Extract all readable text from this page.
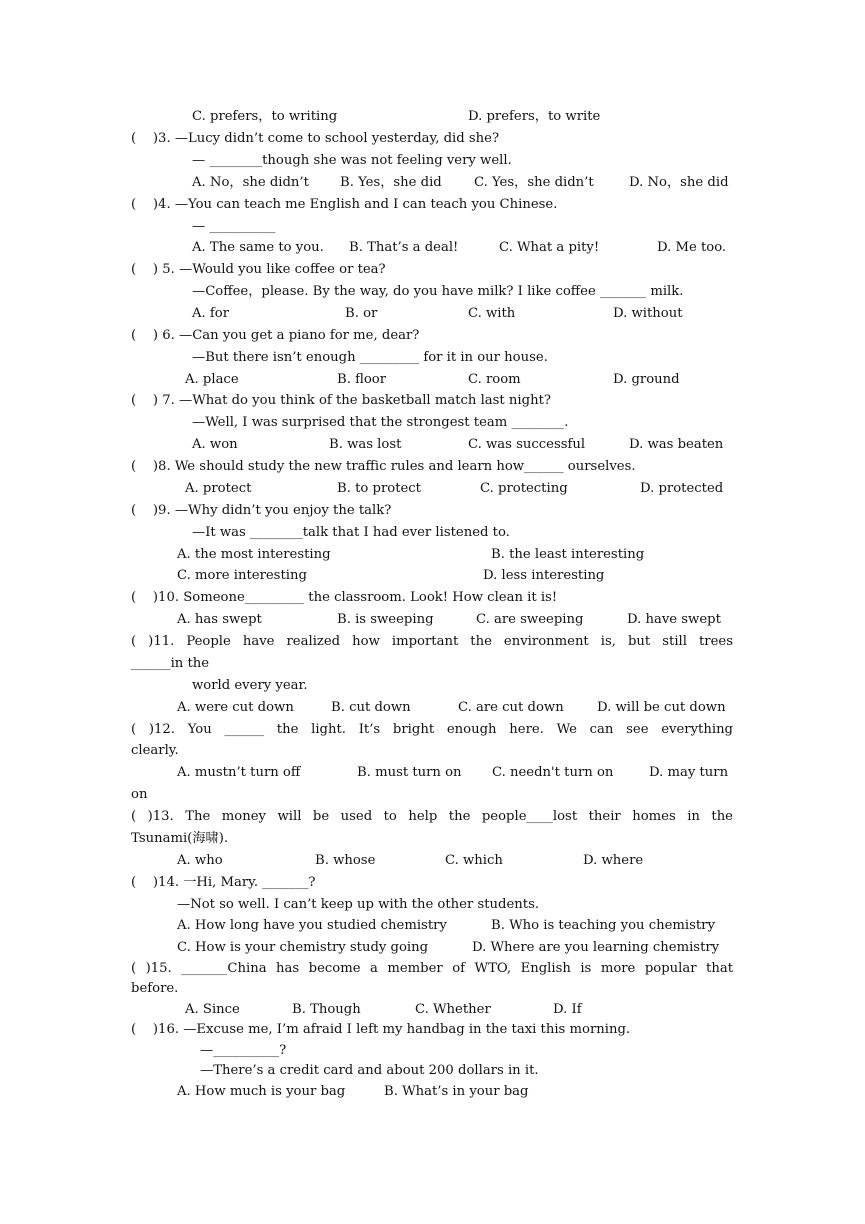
C. prefers，to writing	D. prefers，to write
(    )3. —Lucy didn’t come to school yesterday, did she?
— ________though she was not feeling very well.
A. No，she didn’t B. Yes，she did C. Yes，she didn’t	D. No，she did
(    )4. —You can teach me English and I can teach you Chinese.
— __________
A. The same to you. B. That’s a deal!	C. What a pity!	D. Me too.
(    ) 5. —Would you like coffee or tea?
—Coffee，please. By the way, do you have milk? I like coffee _______ milk.
A. for	B. or	C. with	D. without
(    ) 6. —Can you get a piano for me, dear?
—But there isn’t enough _________ for it in our house.
A. place	B. floor	C. room	D. ground
(    ) 7. —What do you think of the basketball match last night?
—Well, I was surprised that the strongest team ________.
A. won	B. was lost	C. was successful	D. was beaten
(    )8. We should study the new traffic rules and learn how______ ourselves.
A. protect	B. to protect	C. protecting	D. protected
(    )9. —Why didn’t you enjoy the talk?
—It was ________talk that I had ever listened to.
A. the most interesting	B. the least interesting
C. more interesting	D. less interesting
(    )10. Someone_________ the classroom. Look! How clean it is!
A. has swept	B. is sweeping	C. are sweeping	D. have swept
( )11. People have realized how important the environment is, but still trees
______in the
world every year.
A. were cut down	B. cut down	C. are cut down	D. will be cut down
( )12. You ______ the light. It’s bright enough here. We can see everything
clearly.
A. mustn’t turn off	B. must turn on C. needn't turn on	D. may turn
on
( )13. The money will be used to help the people____lost their homes in the
Tsunami(海啸).
A. who	B. whose	C. which	D. where
(    )14. 一Hi, Mary. _______?
—Not so well. I can’t keep up with the other students.
A. How long have you studied chemistry	B. Who is teaching you chemistry
C. How is your chemistry study going	D. Where are you learning chemistry
( )15. _______China has become a member of WTO, English is more popular that
before.
A. Since	B. Though	C. Whether	D. If
(    )16. —Excuse me, I’m afraid I left my handbag in the taxi this morning.
—__________?
—There’s a credit card and about 200 dollars in it.
A. How much is your bag	B. What’s in your bag
